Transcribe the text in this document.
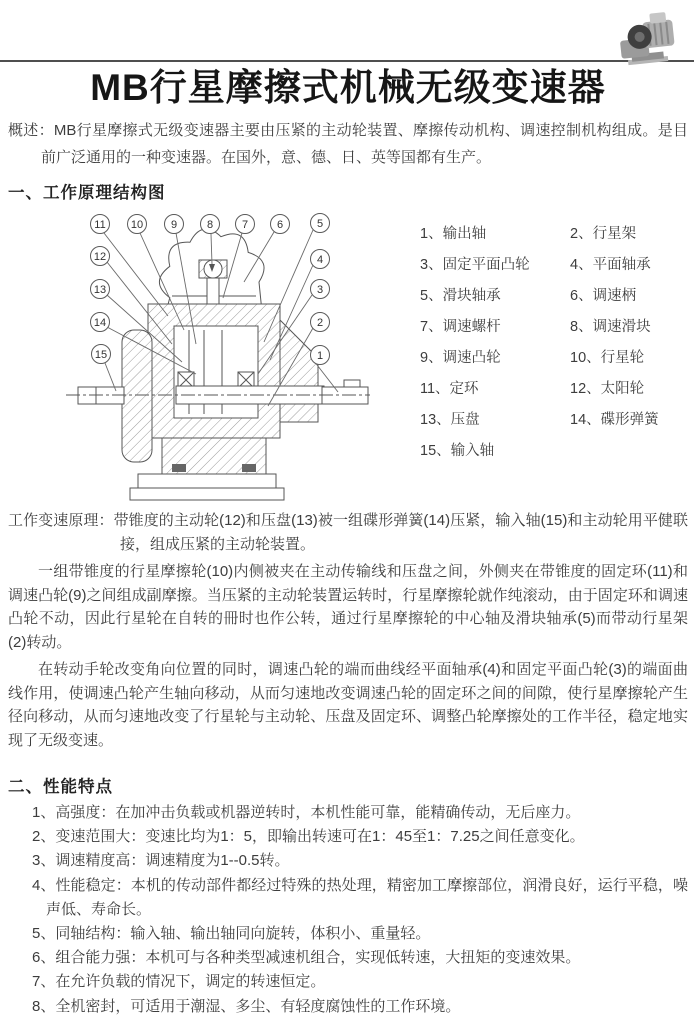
MB行星摩擦式机械无级变速器

概述：MB行星摩擦式无级变速器主要由压紧的主动轮装置、摩擦传动机构、调速控制机构组成。是目前广泛通用的一种变速器。在国外，意、德、日、英等国都有生产。

一、工作原理结构图
11	10	9	8	7	6	5
12
13
14
15
4
3
2
1
1、输出轴	2、行星架
3、固定平面凸轮	4、平面轴承
5、滑块轴承	6、调速柄
7、调速螺杆	8、调速滑块
9、调速凸轮	10、行星轮
11、定环	12、太阳轮
13、压盘	14、碟形弹簧
15、输入轴

工作变速原理：带锥度的主动轮(12)和压盘(13)被一组碟形弹簧(14)压紧，输入轴(15)和主动轮用平健联接，组成压紧的主动轮装置。

一组带锥度的行星摩擦轮(10)内侧被夹在主动传输线和压盘之间，外侧夹在带锥度的固定环(11)和调速凸轮(9)之间组成副摩擦。当压紧的主动轮装置运转时，行星摩擦轮就作纯滚动，由于固定环和调速凸轮不动，因此行星轮在自转的冊时也作公转，通过行星摩擦轮的中心轴及滑块轴承(5)而带动行星架(2)转动。

在转动手轮改变角向位置的同时，调速凸轮的端而曲线经平面轴承(4)和固定平面凸轮(3)的端面曲线作用，使调速凸轮产生轴向移动，从而匀速地改变调速凸轮的固定环之间的间隙，使行星摩擦轮产生径向移动，从而匀速地改变了行星轮与主动轮、压盘及固定环、调整凸轮摩擦处的工作半径，稳定地实现了无级变速。

二、性能特点
1、高强度：在加冲击负载或机器逆转时，本机性能可靠，能精确传动，无后座力。
2、变速范围大：变速比均为1：5，即输出转速可在1：45至1：7.25之间任意变化。
3、调速精度高：调速精度为1--0.5转。
4、性能稳定：本机的传动部件都经过特殊的热处理，精密加工摩擦部位，润滑良好，运行平稳，噪声低、寿命长。
5、同轴结构：输入轴、输出轴同向旋转，体积小、重量轻。
6、组合能力强：本机可与各种类型减速机组合，实现低转速，大扭矩的变速效果。
7、在允许负载的情况下，调定的转速恒定。
8、全机密封，可适用于潮湿、多尘、有轻度腐蚀性的工作环境。
